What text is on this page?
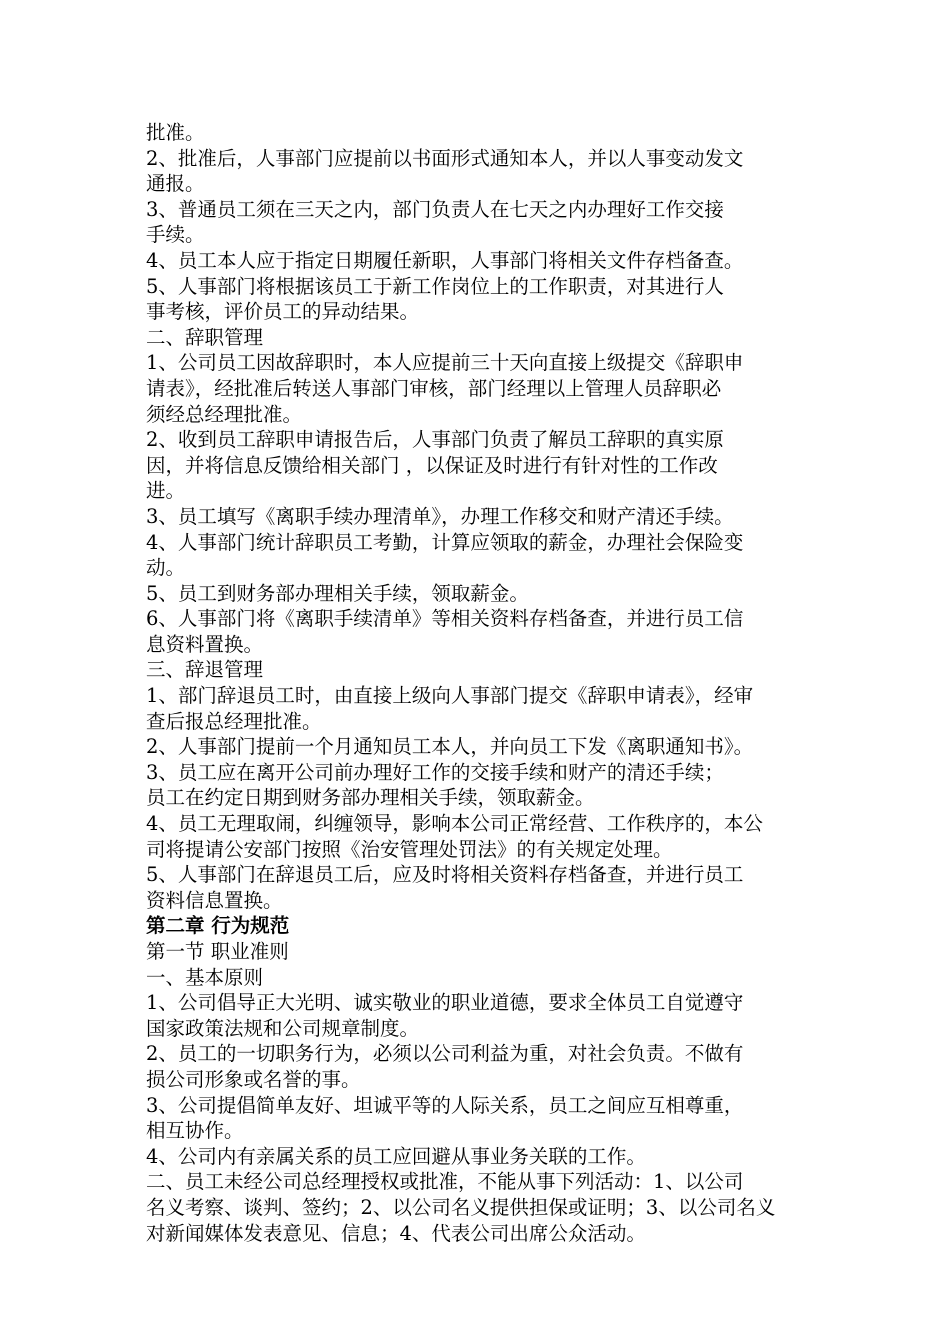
批准。
2、批准后，人事部门应提前以书面形式通知本人，并以人事变动发文
通报。
3、普通员工须在三天之内，部门负责人在七天之内办理好工作交接
手续。
4、员工本人应于指定日期履任新职，人事部门将相关文件存档备查。
5、人事部门将根据该员工于新工作岗位上的工作职责，对其进行人
事考核，评价员工的异动结果。
二、辞职管理
1、公司员工因故辞职时，本人应提前三十天向直接上级提交《辞职申
请表》，经批准后转送人事部门审核，部门经理以上管理人员辞职必
须经总经理批准。
2、收到员工辞职申请报告后，人事部门负责了解员工辞职的真实原
因，并将信息反馈给相关部门 ，以保证及时进行有针对性的工作改
进。
3、员工填写《离职手续办理清单》，办理工作移交和财产清还手续。
4、人事部门统计辞职员工考勤，计算应领取的薪金，办理社会保险变
动。
5、员工到财务部办理相关手续，领取薪金。
6、人事部门将《离职手续清单》等相关资料存档备查，并进行员工信
息资料置换。
三、辞退管理
1、部门辞退员工时，由直接上级向人事部门提交《辞职申请表》，经审
查后报总经理批准。
2、人事部门提前一个月通知员工本人，并向员工下发《离职通知书》。
3、员工应在离开公司前办理好工作的交接手续和财产的清还手续；
员工在约定日期到财务部办理相关手续，领取薪金。
4、员工无理取闹，纠缠领导，影响本公司正常经营、工作秩序的，本公
司将提请公安部门按照《治安管理处罚法》的有关规定处理。
5、人事部门在辞退员工后，应及时将相关资料存档备查，并进行员工
资料信息置换。
第二章 行为规范
第一节 职业准则
一、基本原则
1、公司倡导正大光明、诚实敬业的职业道德，要求全体员工自觉遵守
国家政策法规和公司规章制度。
2、员工的一切职务行为，必须以公司利益为重，对社会负责。不做有
损公司形象或名誉的事。
3、公司提倡简单友好、坦诚平等的人际关系，员工之间应互相尊重，
相互协作。
4、公司内有亲属关系的员工应回避从事业务关联的工作。
二、员工未经公司总经理授权或批准，不能从事下列活动：1、以公司
名义考察、谈判、签约；2、以公司名义提供担保或证明；3、以公司名义
对新闻媒体发表意见、信息；4、代表公司出席公众活动。
